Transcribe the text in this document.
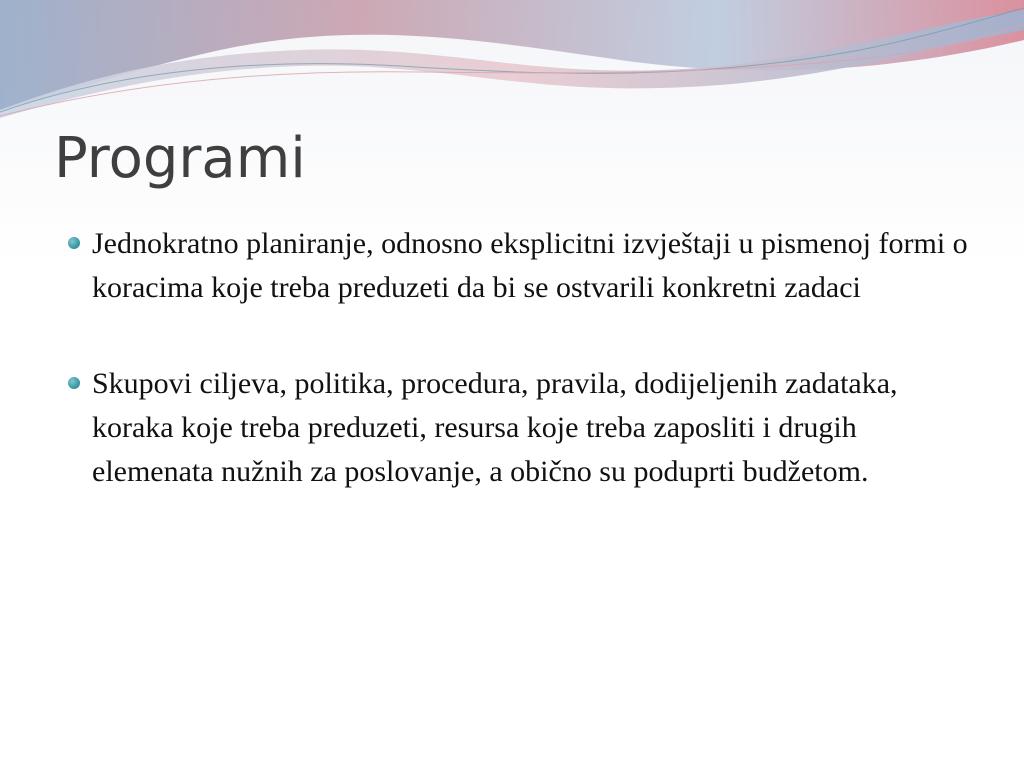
Programi
Jednokratno planiranje, odnosno eksplicitni izvještaji u pismenoj formi o koracima koje treba preduzeti da bi se ostvarili konkretni zadaci
Skupovi ciljeva, politika, procedura, pravila, dodijeljenih zadataka, koraka koje treba preduzeti, resursa koje treba zaposliti i drugih elemenata nužnih za poslovanje, a obično su poduprti budžetom.
